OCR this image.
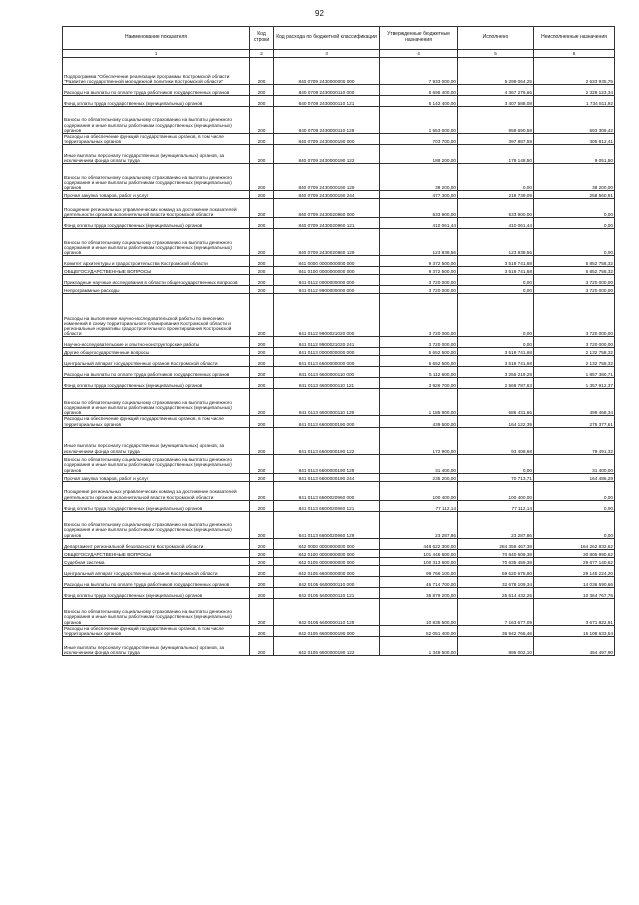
92
Наименование показателя	Код строки	Код расхода по бюджетной классификации	Утвержденные бюджетные назначения	Исполнено	Неисполненные назначения
1	2	3	4	5	6
Подпрограмма "Обеспечение реализации программы Костромской области "Развитие государственной молодежной политики Костромской области"	200	840 0709 2430000000 000	7 933 000,00	5 299 064,25	2 633 935,75
Расходы на выплаты по оплате труда работников государственных органов	200	840 0709 2430000110 000	6 695 400,00	4 367 276,66	2 328 123,34
Фонд оплаты труда государственных (муниципальных) органов	200	840 0709 2430000110 121	5 142 400,00	3 407 588,08	1 734 811,92
Взносы по обязательному социальному страхованию на выплаты денежного содержания и иные выплаты работникам государственных (муниципальных) органов	200	840 0709 2430000110 129	1 553 000,00	959 690,58	593 309,42
Расходы на обеспечение функций государственных органов, в том числе территориальных органов	200	840 0709 2430000190 000	703 700,00	397 887,59	305 812,41
Иные выплаты персоналу государственных (муниципальных) органов, за исключением фонда оплаты труда	200	840 0709 2430000190 122	188 200,00	179 148,50	9 051,50
Взносы по обязательному социальному страхованию на выплаты денежного содержания и иные выплаты работникам государственных (муниципальных) органов	200	840 0709 2430000190 129	38 200,00	0,00	38 200,00
Прочая закупка товаров, работ и услуг	200	840 0709 2430000190 244	477 300,00	218 739,09	258 560,91
Поощрение региональных управленческих команд за достижение показателей деятельности органов исполнительной власти Костромской области	200	840 0709 2430020960 000	533 900,00	533 900,00	0,00
Фонд оплаты труда государственных (муниципальных) органов	200	840 0709 2430020960 121	410 061,44	410 061,44	0,00
Взносы по обязательному социальному страхованию на выплаты денежного содержания и иные выплаты работникам государственных (муниципальных) органов	200	840 0709 2430020960 129	123 838,56	123 838,56	0,00
Комитет архитектуры и градостроительства Костромской области	200	841 0000 0000000000 000	9 372 500,00	3 519 741,68	5 852 758,32
ОБЩЕГОСУДАРСТВЕННЫЕ ВОПРОСЫ	200	841 0100 0000000000 000	9 372 500,00	3 519 741,68	5 852 758,32
Прикладные научные исследования в области общегосударственных вопросов	200	841 0112 0000000000 000	3 720 000,00	0,00	3 720 000,00
Непрограммные расходы	200	841 0112 9900000000 000	3 720 000,00	0,00	3 720 000,00
Расходы на выполнение научно-исследовательской работы по внесению изменений в схему территориального планирования Костромской области и региональные нормативы градостроительного проектирования Костромской области	200	841 0112 9900021020 000	3 720 000,00	0,00	3 720 000,00
Научно-исследовательские и опытно-конструкторские работы	200	841 0112 9900021020 241	3 720 000,00	0,00	3 720 000,00
Другие общегосударственные вопросы	200	841 0113 0000000000 000	5 652 500,00	3 519 741,68	2 132 758,32
Центральный аппарат государственных органов Костромской области	200	841 0113 6600000000 000	5 652 500,00	3 519 741,68	2 132 758,32
Расходы на выплаты по оплате труда работников государственных органов	200	841 0113 6600000110 000	5 112 600,00	3 255 219,29	1 857 380,71
Фонд оплаты труда государственных (муниципальных) органов	200	841 0113 6600000110 121	3 926 700,00	2 568 787,63	1 357 912,37
Взносы по обязательному социальному страхованию на выплаты денежного содержания и иные выплаты работникам государственных (муниципальных) органов	200	841 0113 6600000110 129	1 185 900,00	686 431,66	499 468,34
Расходы на обеспечение функций государственных органов, в том числе территориальных органов	200	841 0113 6600000190 000	439 500,00	164 122,39	275 377,61
Иные выплаты персоналу государственных (муниципальных) органов, за исключением фонда оплаты труда	200	841 0113 6600000190 122	172 900,00	93 408,68	79 491,32
Взносы по обязательному социальному страхованию на выплаты денежного содержания и иные выплаты работникам государственных (муниципальных) органов	200	841 0113 6600000190 129	31 400,00	0,00	31 400,00
Прочая закупка товаров, работ и услуг	200	841 0113 6600000190 244	235 200,00	70 713,71	164 486,29
Поощрение региональных управленческих команд за достижение показателей деятельности органов исполнительной власти Костромской области	200	841 0113 6600020960 000	100 400,00	100 400,00	0,00
Фонд оплаты труда государственных (муниципальных) органов	200	841 0113 6600020960 121	77 112,14	77 112,14	0,00
Взносы по обязательному социальному страхованию на выплаты денежного содержания и иные выплаты работникам государственных (муниципальных) органов	200	841 0113 6600020960 129	23 287,86	23 287,86	0,00
Департамент региональной безопасности Костромской области	200	842 0000 0000000000 000	448 622 300,00	284 359 467,38	164 262 832,62
ОБЩЕГОСУДАРСТВЕННЫЕ ВОПРОСЫ	200	842 0100 0000000000 000	101 446 600,00	70 640 609,38	30 805 990,62
Судебная система	200	842 0105 0000000000 000	100 313 600,00	70 635 459,38	29 677 140,62
Центральный аппарат государственных органов Костромской области	200	842 0105 6600000000 000	99 766 100,00	69 620 675,80	29 145 224,20
Расходы на выплаты по оплате труда работников государственных органов	200	842 0105 6600000110 000	46 714 700,00	32 678 109,34	14 036 590,66
Фонд оплаты труда государственных (муниципальных) органов	200	842 0105 6600000110 121	35 879 200,00	25 514 432,25	10 364 767,75
Взносы по обязательному социальному страхованию на выплаты денежного содержания и иные выплаты работникам государственных (муниципальных) органов	200	842 0105 6600000110 129	10 835 500,00	7 163 677,09	3 671 822,91
Расходы на обеспечение функций государственных органов, в том числе территориальных органов	200	842 0105 6600000190 000	52 051 400,00	36 942 766,46	15 108 633,54
Иные выплаты персоналу государственных (муниципальных) органов, за исключением фонда оплаты труда	200	842 0105 6600000190 122	1 349 500,00	895 002,10	454 497,90
